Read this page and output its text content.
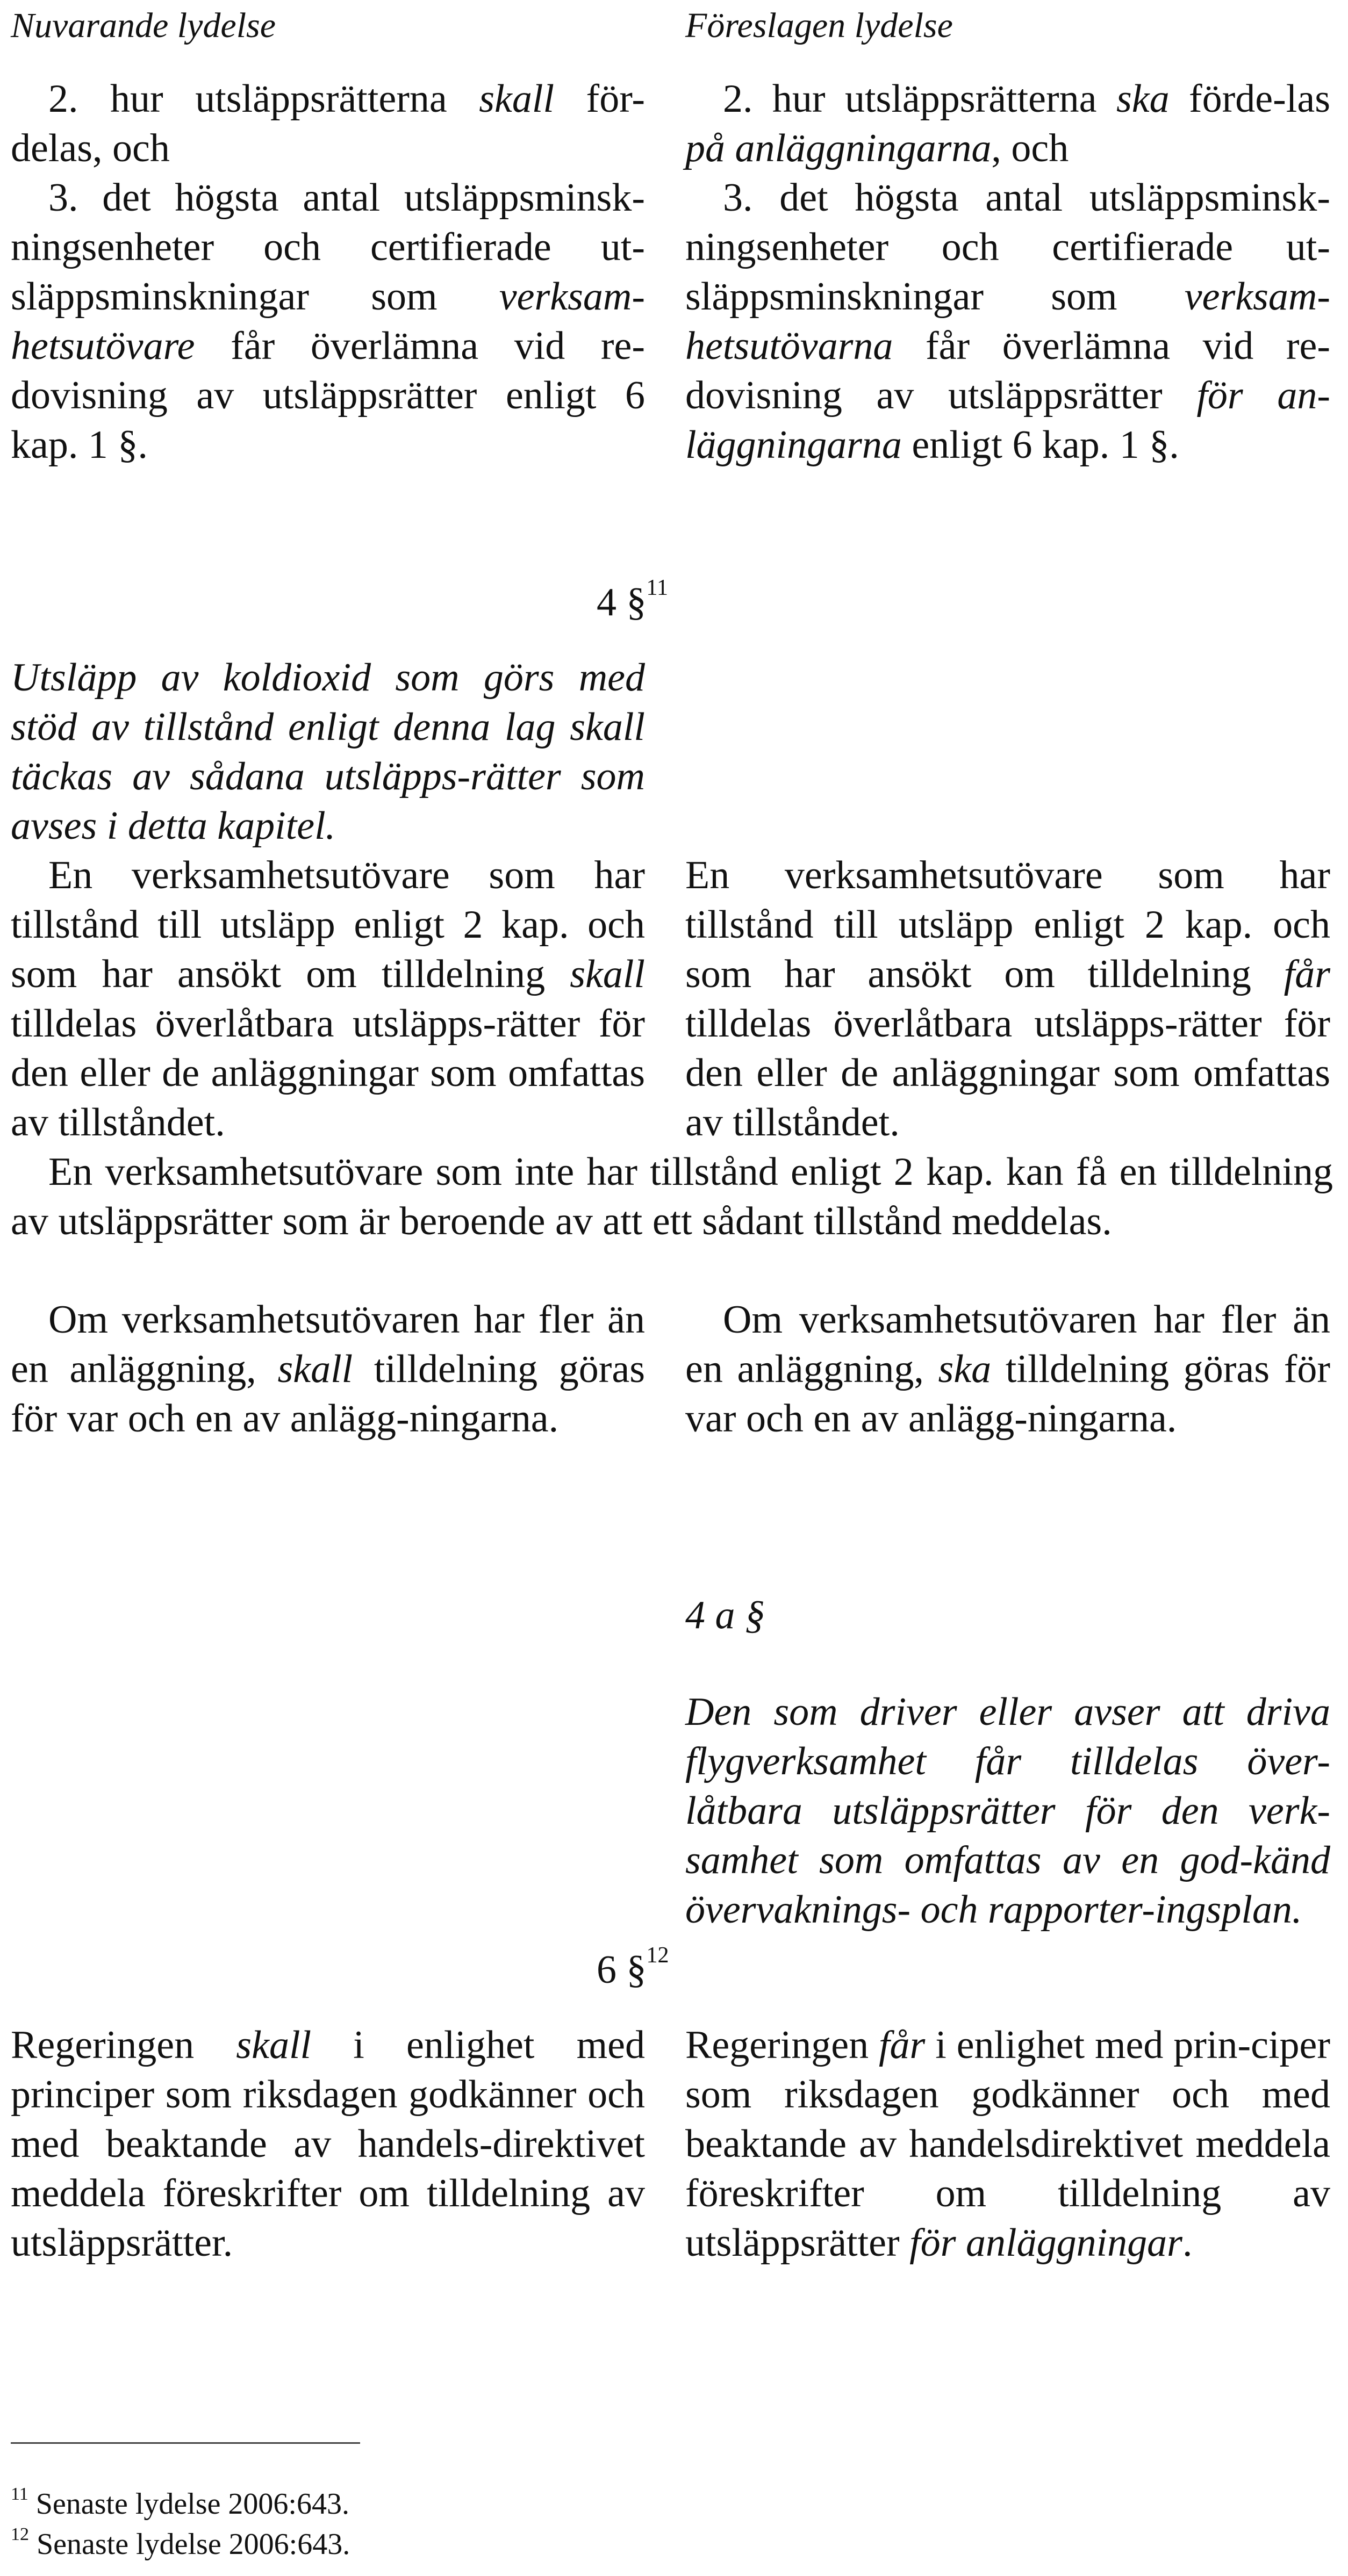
Nuvarande lydelse	Föreslagen lydelse

2. hur utsläppsrätterna skall för-delas, och

3. det högsta antal utsläppsminsk-ningsenheter och certifierade ut-släppsminskningar som verksam-hetsutövare får överlämna vid re-dovisning av utsläppsrätter enligt 6 kap. 1 §.

2. hur utsläppsrätterna ska förde-las på anläggningarna, och

3. det högsta antal utsläppsminsk-ningsenheter och certifierade ut-släppsminskningar som verksam-hetsutövarna får överlämna vid re-dovisning av utsläppsrätter för an-läggningarna enligt 6 kap. 1 §.

4 §$^{11}$

Utsläpp av koldioxid som görs med stöd av tillstånd enligt denna lag skall täckas av sådana utsläpps-rätter som avses i detta kapitel.

En verksamhetsutövare som har tillstånd till utsläpp enligt 2 kap. och som har ansökt om tilldelning skall tilldelas överlåtbara utsläpps-rätter för den eller de anläggningar som omfattas av tillståndet.

En verksamhetsutövare som har tillstånd till utsläpp enligt 2 kap. och som har ansökt om tilldelning får tilldelas överlåtbara utsläpps-rätter för den eller de anläggningar som omfattas av tillståndet.

En verksamhetsutövare som inte har tillstånd enligt 2 kap. kan få en tilldelning av utsläppsrätter som är beroende av att ett sådant tillstånd meddelas.

Om verksamhetsutövaren har fler än en anläggning, skall tilldelning göras för var och en av anlägg-ningarna.

Om verksamhetsutövaren har fler än en anläggning, ska tilldelning göras för var och en av anlägg-ningarna.

4 a §

Den som driver eller avser att driva flygverksamhet får tilldelas över-låtbara utsläppsrätter för den verk-samhet som omfattas av en god-känd övervaknings- och rapporter-ingsplan.

6 §$^{12}$

Regeringen skall i enlighet med principer som riksdagen godkänner och med beaktande av handels-direktivet meddela föreskrifter om tilldelning av utsläppsrätter.

Regeringen får i enlighet med prin-ciper som riksdagen godkänner och med beaktande av handelsdirektivet meddela föreskrifter om tilldelning av utsläppsrätter för anläggningar.

$^{11}$ Senaste lydelse 2006:643.
$^{12}$ Senaste lydelse 2006:643.
